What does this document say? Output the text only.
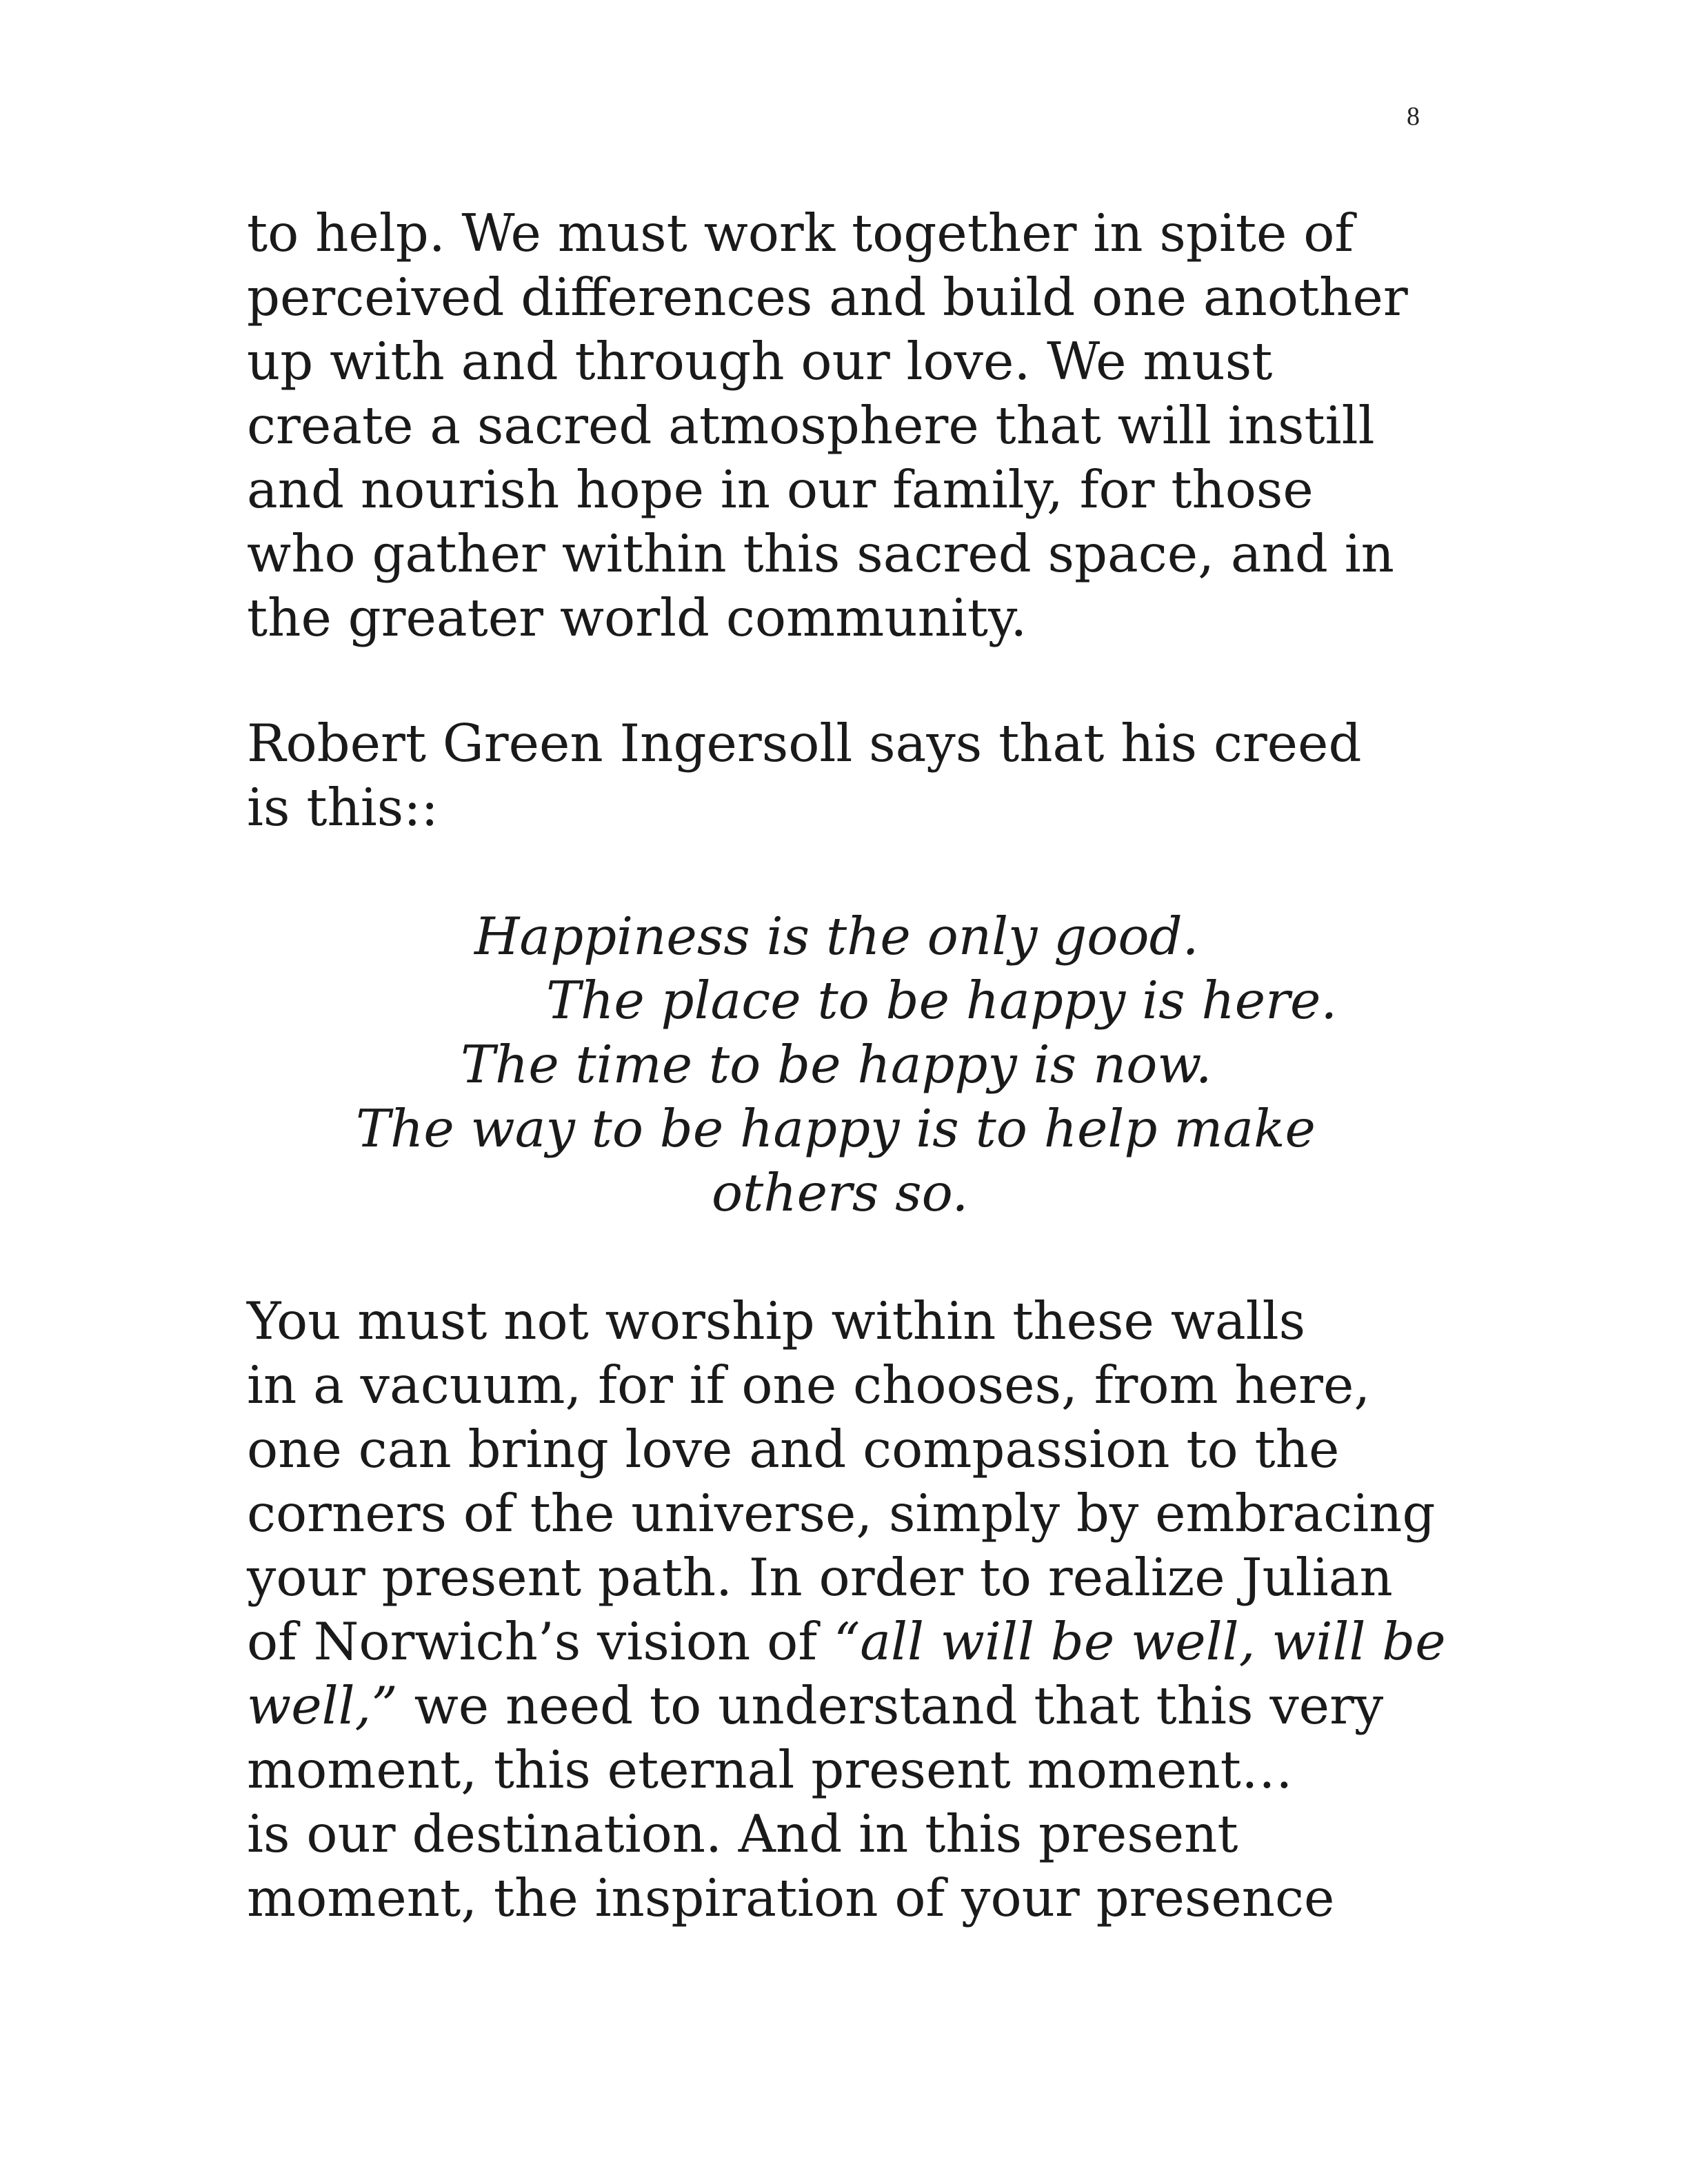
8
to help. We must work together in spite of
perceived differences and build one another
up with and through our love. We must
create a sacred atmosphere that will instill
and nourish hope in our family, for those
who gather within this sacred space, and in
the greater world community.
Robert Green Ingersoll says that his creed
is this::
Happiness is the only good.
The place to be happy is here.
The time to be happy is now.
The way to be happy is to help make
others so.
You must not worship within these walls
in a vacuum, for if one chooses, from here,
one can bring love and compassion to the
corners of the universe, simply by embracing
your present path. In order to realize Julian
of Norwich’s vision of “all will be well, will be
well,” we need to understand that this very
moment, this eternal present moment…
is our destination. And in this present
moment, the inspiration of your presence
